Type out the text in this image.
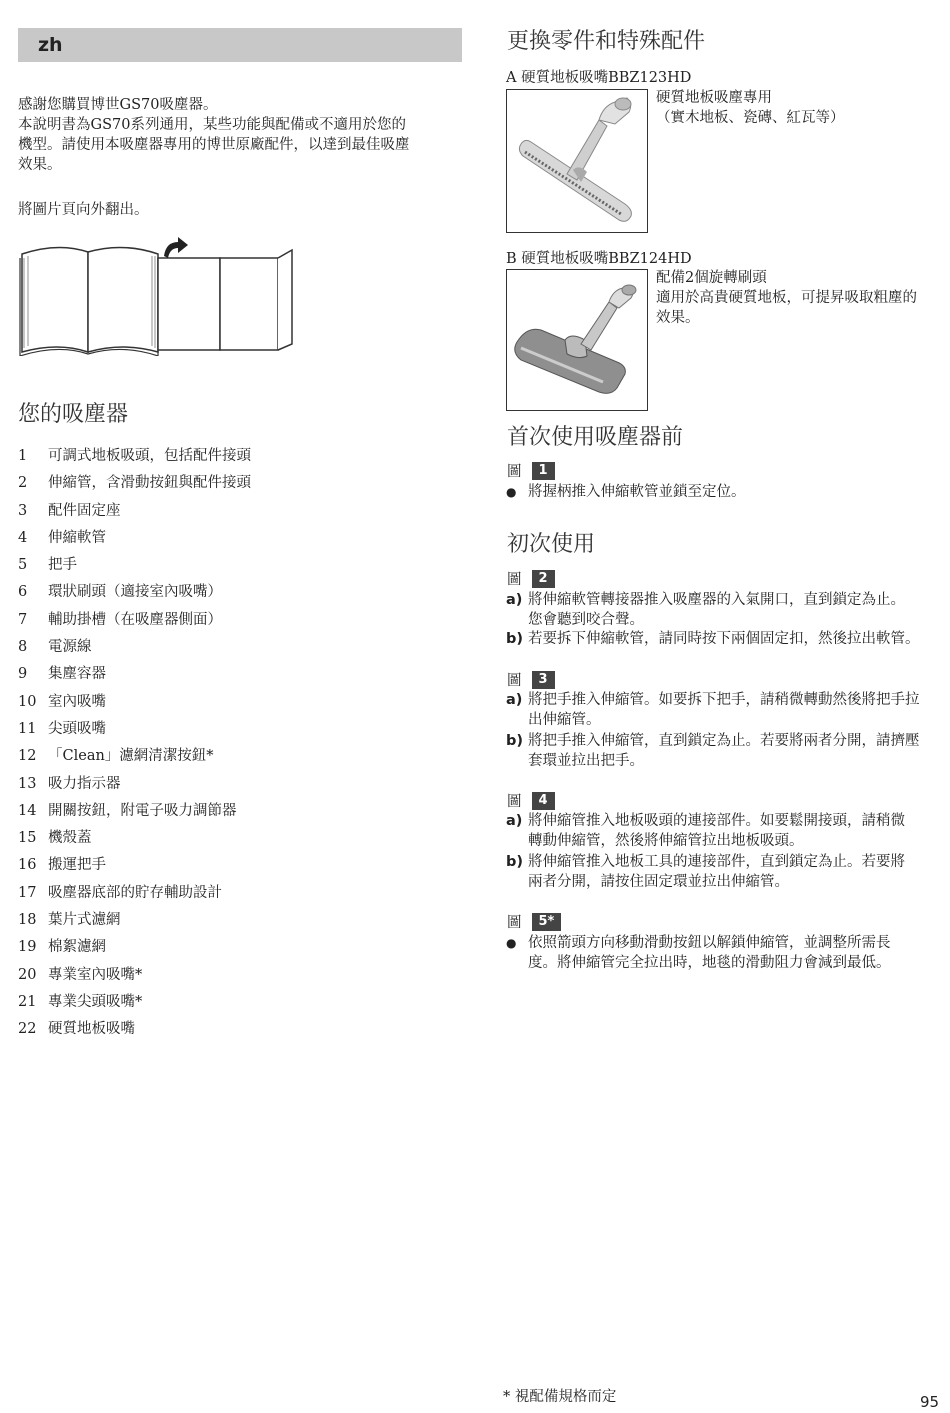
zh

感謝您購買博世GS70吸塵器。

本說明書為GS70系列通用，某些功能與配備或不適用於您的

機型。請使用本吸塵器專用的博世原廠配件，以達到最佳吸塵

效果。

將圖片頁向外翻出。
您的吸塵器
1	可調式地板吸頭，包括配件接頭
2	伸縮管，含滑動按鈕與配件接頭
3	配件固定座
4	伸縮軟管
5	把手
6	環狀刷頭（適接室內吸嘴）
7	輔助掛槽（在吸塵器側面）
8	電源線
9	集塵容器
10 室內吸嘴
11 尖頭吸嘴
12 「Clean」濾網清潔按鈕*
13 吸力指示器
14 開關按鈕，附電子吸力調節器
15 機殼蓋
16 搬運把手
17 吸塵器底部的貯存輔助設計
18 葉片式濾網
19 棉絮濾網
20 專業室內吸嘴*
21 專業尖頭吸嘴*
22 硬質地板吸嘴
更換零件和特殊配件
A 硬質地板吸嘴BBZ123HD
硬質地板吸塵專用
（實木地板、瓷磚、紅瓦等）
B 硬質地板吸嘴BBZ124HD
配備2個旋轉刷頭
適用於高貴硬質地板，可提昇吸取粗塵的
效果。
首次使用吸塵器前
圖	1
● 將握柄推入伸縮軟管並鎖至定位。
初次使用
圖	2
a) 將伸縮軟管轉接器推入吸塵器的入氣開口，直到鎖定為止。
您會聽到咬合聲。
b) 若要拆下伸縮軟管，請同時按下兩個固定扣，然後拉出軟管。
圖	3
a) 將把手推入伸縮管。如要拆下把手，請稍微轉動然後將把手拉
出伸縮管。
b) 將把手推入伸縮管，直到鎖定為止。若要將兩者分開，請擠壓
套環並拉出把手。
圖	4
a) 將伸縮管推入地板吸頭的連接部件。如要鬆開接頭，請稍微
轉動伸縮管，然後將伸縮管拉出地板吸頭。
b) 將伸縮管推入地板工具的連接部件，直到鎖定為止。若要將
兩者分開，請按住固定環並拉出伸縮管。
圖	5*
● 依照箭頭方向移動滑動按鈕以解鎖伸縮管，並調整所需長
度。將伸縮管完全拉出時，地毯的滑動阻力會減到最低。
* 視配備規格而定	95
